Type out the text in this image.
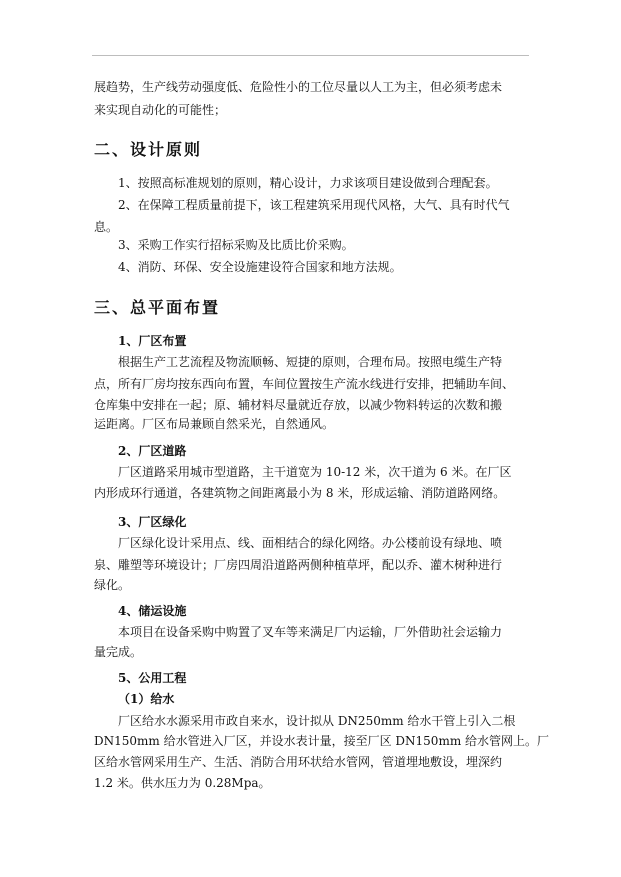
展趋势，生产线劳动强度低、危险性小的工位尽量以人工为主，但必须考虑未

来实现自动化的可能性；

二、设计原则

1、按照高标准规划的原则，精心设计，力求该项目建设做到合理配套。

2、在保障工程质量前提下，该工程建筑采用现代风格，大气、具有时代气

息。

3、采购工作实行招标采购及比质比价采购。

4、消防、环保、安全设施建设符合国家和地方法规。

三、总平面布置
1、厂区布置

根据生产工艺流程及物流顺畅、短捷的原则，合理布局。按照电缆生产特

点，所有厂房均按东西向布置，车间位置按生产流水线进行安排，把辅助车间、

仓库集中安排在一起；原、辅材料尽量就近存放，以减少物料转运的次数和搬

运距离。厂区布局兼顾自然采光，自然通风。

2、厂区道路

厂区道路采用城市型道路，主干道宽为 10-12 米，次干道为 6 米。在厂区

内形成环行通道，各建筑物之间距离最小为 8 米，形成运输、消防道路网络。

3、厂区绿化

厂区绿化设计采用点、线、面相结合的绿化网络。办公楼前设有绿地、喷

泉、雕塑等环境设计；厂房四周沿道路两侧种植草坪，配以乔、灌木树种进行

绿化。

4、储运设施

本项目在设备采购中购置了叉车等来满足厂内运输，厂外借助社会运输力

量完成。

5、公用工程
（1）给水

厂区给水水源采用市政自来水，设计拟从 DN250mm 给水干管上引入二根

DN150mm 给水管进入厂区，并设水表计量，接至厂区 DN150mm 给水管网上。厂

区给水管网采用生产、生活、消防合用环状给水管网，管道埋地敷设，埋深约

1.2 米。供水压力为 0.28Mpa。
